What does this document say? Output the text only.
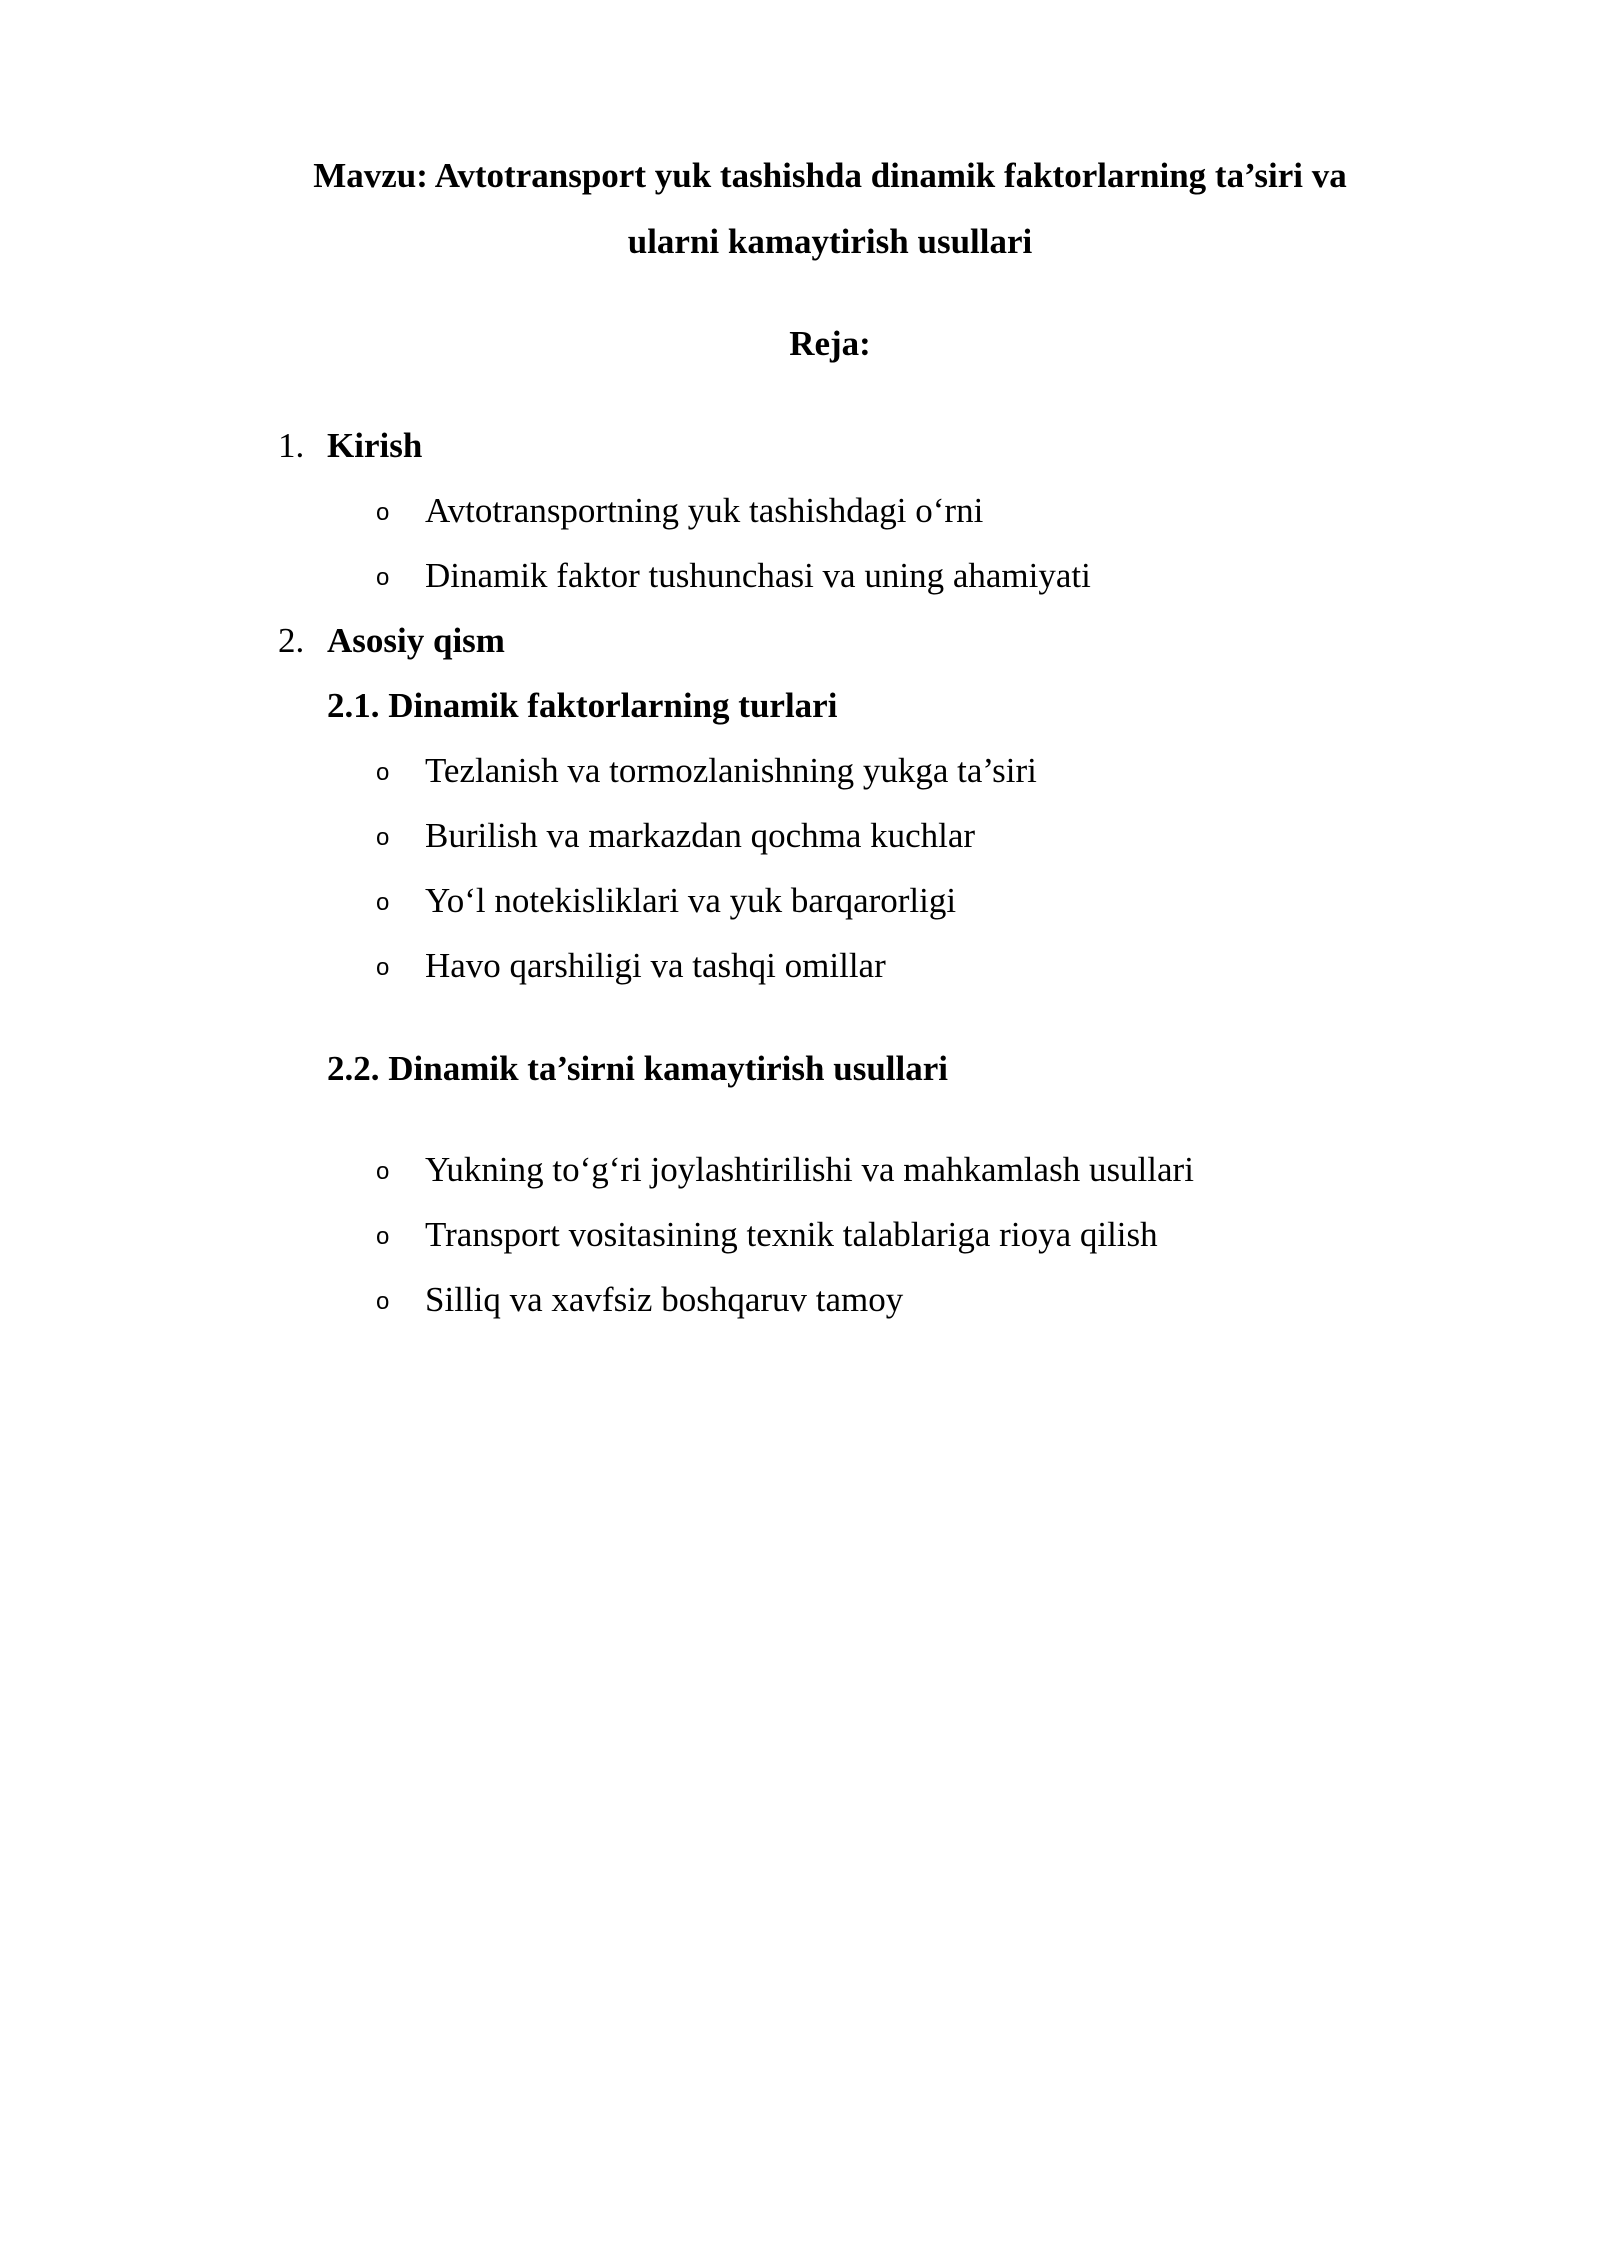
Mavzu: Avtotransport yuk tashishda dinamik faktorlarning ta’siri va
ularni kamaytirish usullari
Reja:
1. Kirish
o Avtotransportning yuk tashishdagi o‘rni
o Dinamik faktor tushunchasi va uning ahamiyati
2. Asosiy qism
2.1. Dinamik faktorlarning turlari
o Tezlanish va tormozlanishning yukga ta’siri
o Burilish va markazdan qochma kuchlar
o Yo‘l notekisliklari va yuk barqarorligi
o Havo qarshiligi va tashqi omillar
2.2. Dinamik ta’sirni kamaytirish usullari
o Yukning to‘g‘ri joylashtirilishi va mahkamlash usullari
o Transport vositasining texnik talablariga rioya qilish
o Silliq va xavfsiz boshqaruv tamoy
